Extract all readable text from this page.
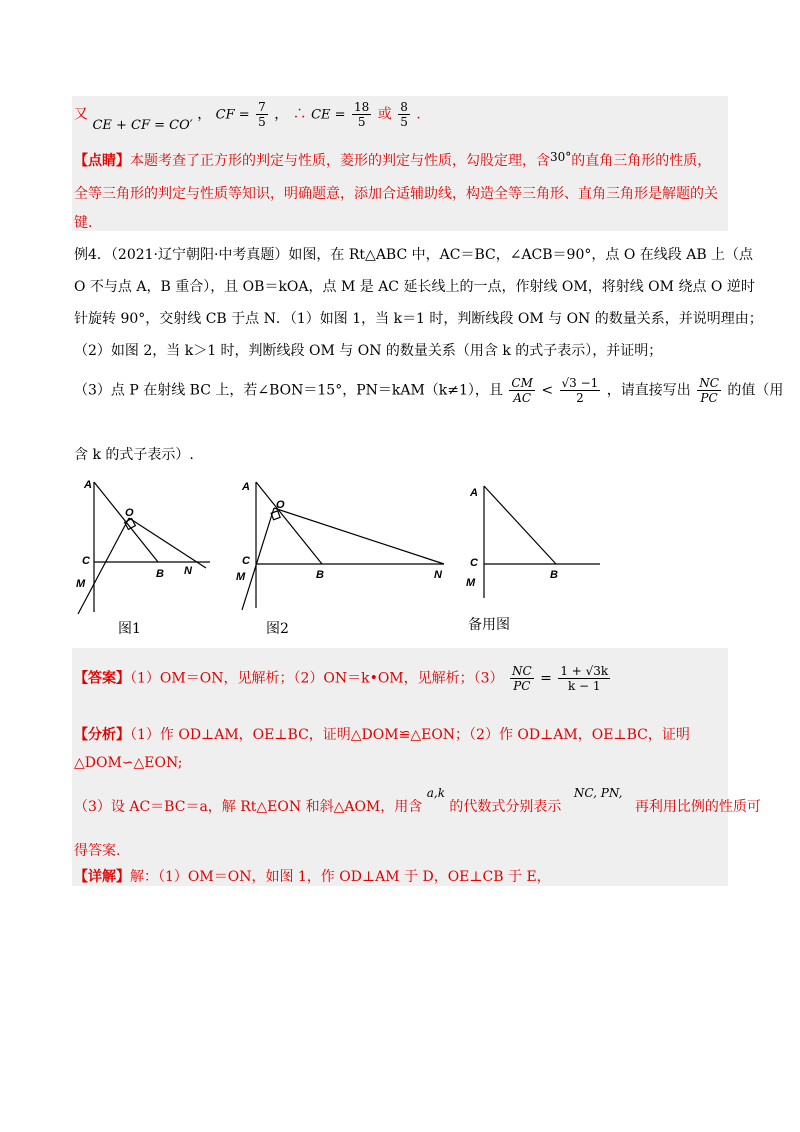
又 CE + CF = CO′ ， CF = $\frac{7}{5}$ ， ∴ CE = $\frac{18}{5}$ 或 $\frac{8}{5}$ .
【点睛】本题考查了正方形的判定与性质，菱形的判定与性质，勾股定理，含30°的直角三角形的性质，
全等三角形的判定与性质等知识，明确题意，添加合适辅助线，构造全等三角形、直角三角形是解题的关
键.
例4．（2021·辽宁朝阳·中考真题）如图，在 Rt△ABC 中，AC＝BC，∠ACB＝90°，点 O 在线段 AB 上（点
O 不与点 A，B 重合），且 OB＝kOA，点 M 是 AC 延长线上的一点，作射线 OM，将射线 OM 绕点 O 逆时
针旋转 90°，交射线 CB 于点 N．（1）如图 1，当 k＝1 时，判断线段 OM 与 ON 的数量关系，并说明理由；
（2）如图 2，当 k＞1 时，判断线段 OM 与 ON 的数量关系（用含 k 的式子表示），并证明；
（3）点 P 在射线 BC 上，若∠BON＝15°，PN＝kAM（k≠1），且 $\frac{CM}{AC} < \frac{√3 -1}{2}$ ，请直接写出 $\frac{NC}{PC}$ 的值（用
含 k 的式子表示）.
A
O
C
B N
M
图1
A
O
C
B	N
M
图2
A
C
B
M
备用图
【答案】（1）OM＝ON，见解析；（2）ON＝k•OM，见解析；$(3) \frac{NC}{PC} = \frac{1 + √3k}{k - 1}$
【分析】（1）作 OD⊥AM，OE⊥BC，证明△DOM≌△EON；（2）作 OD⊥AM，OE⊥BC，证明
△DOM∽△EON;
（3）设 AC＝BC＝a，解 Rt△EON 和斜△AOM，用含 a,k 的代数式分别表示 NC, PN, 再利用比例的性质可
得答案.
【详解】解：（1）OM＝ON，如图 1，作 OD⊥AM 于 D，OE⊥CB 于 E，
